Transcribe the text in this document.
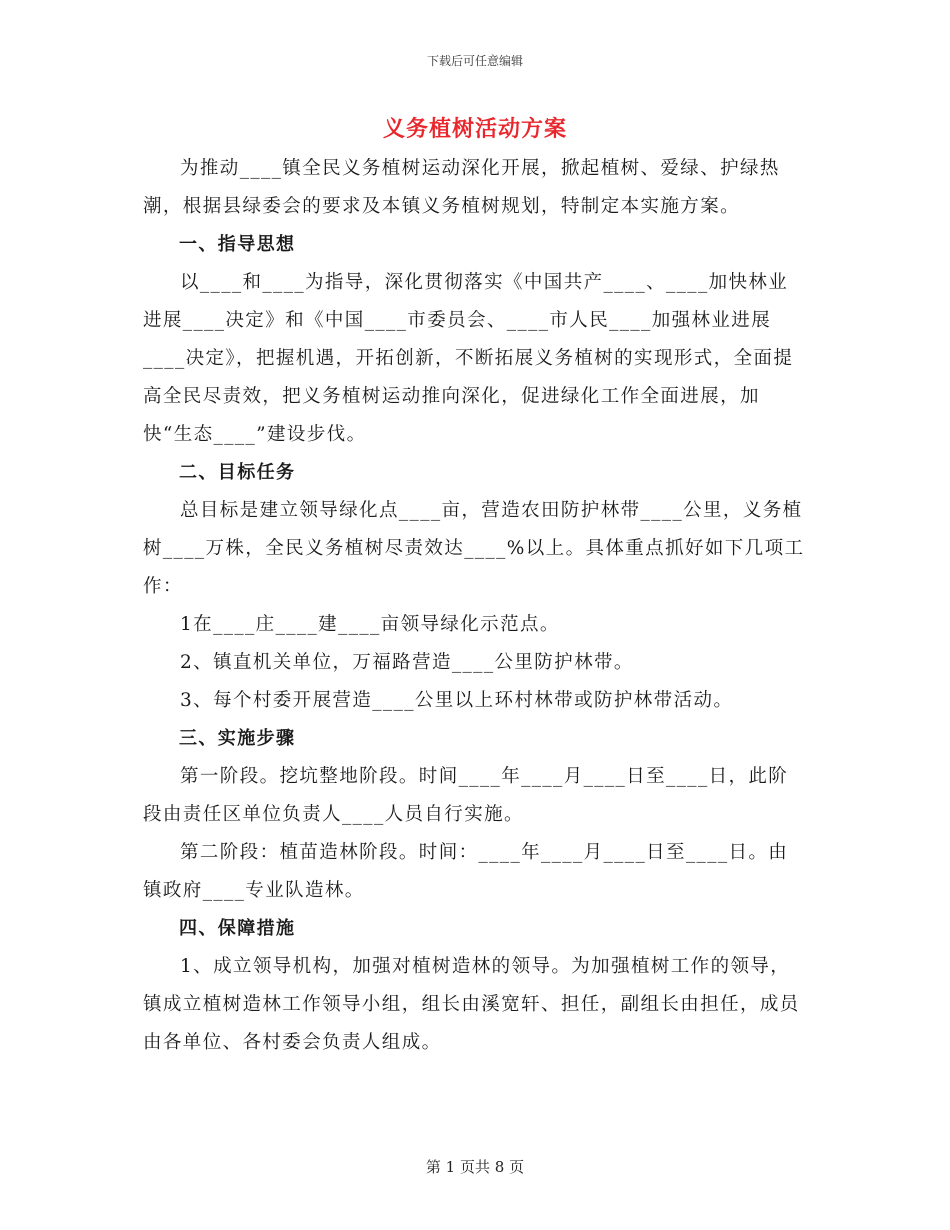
下载后可任意编辑
义务植树活动方案

为推动____镇全民义务植树运动深化开展，掀起植树、爱绿、护绿热潮，根据县绿委会的要求及本镇义务植树规划，特制定本实施方案。

一、指导思想

以____和____为指导，深化贯彻落实《中国共产____、____加快林业进展____决定》和《中国____市委员会、____市人民____加强林业进展____决定》，把握机遇，开拓创新，不断拓展义务植树的实现形式，全面提高全民尽责效，把义务植树运动推向深化，促进绿化工作全面进展，加快“生态____”建设步伐。

二、目标任务

总目标是建立领导绿化点____亩，营造农田防护林带____公里，义务植树____万株，全民义务植树尽责效达____%以上。具体重点抓好如下几项工作：

1在____庄____建____亩领导绿化示范点。

2、镇直机关单位，万福路营造____公里防护林带。

3、每个村委开展营造____公里以上环村林带或防护林带活动。

三、实施步骤

第一阶段。挖坑整地阶段。时间____年____月____日至____日，此阶段由责任区单位负责人____人员自行实施。

第二阶段：植苗造林阶段。时间：____年____月____日至____日。由镇政府____专业队造林。

四、保障措施

1、成立领导机构，加强对植树造林的领导。为加强植树工作的领导，镇成立植树造林工作领导小组，组长由溪宽轩、担任，副组长由担任，成员由各单位、各村委会负责人组成。

第 1 页共 8 页
